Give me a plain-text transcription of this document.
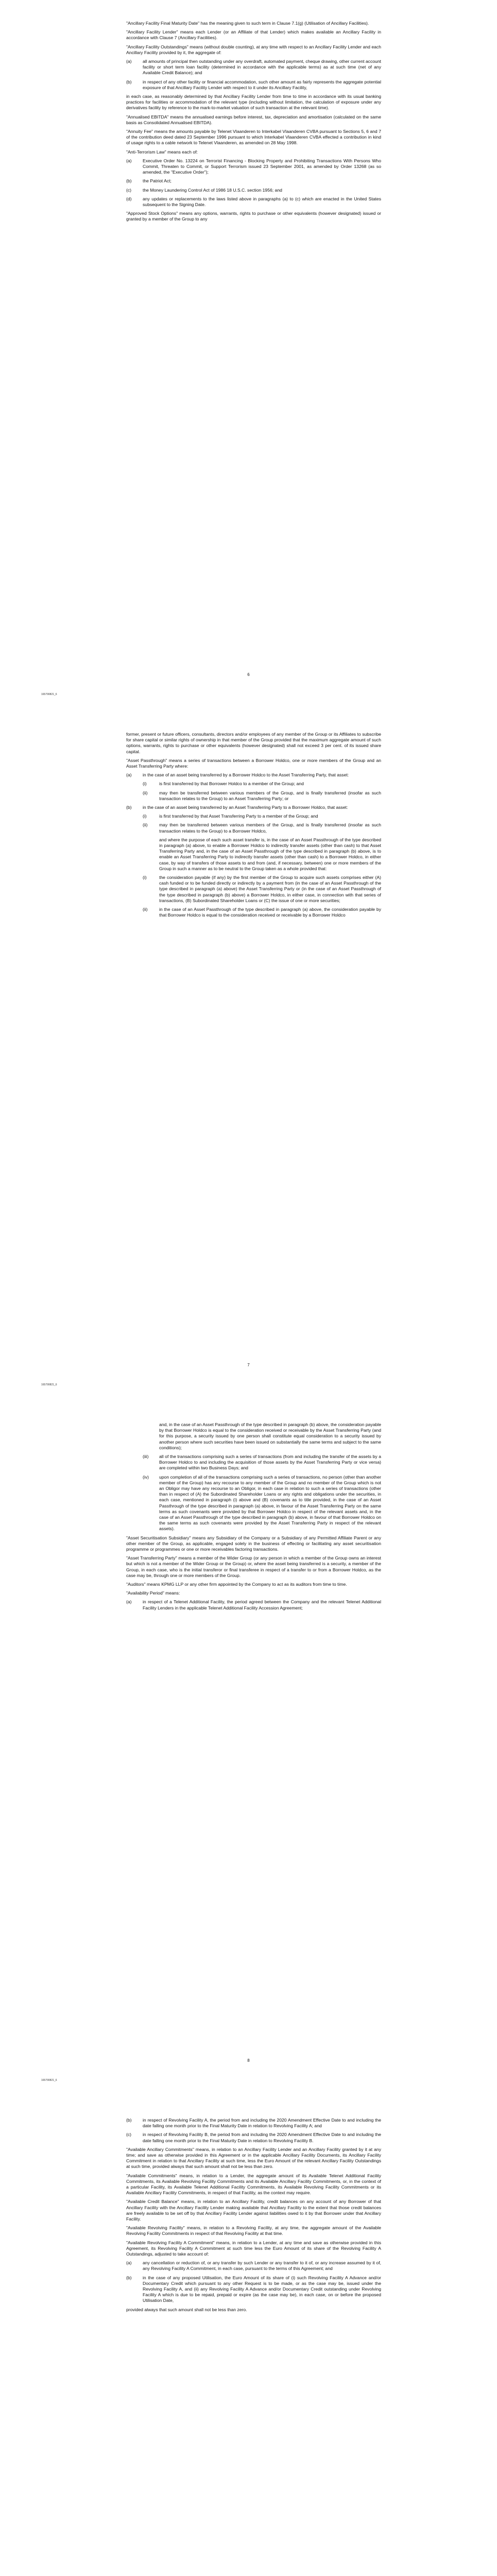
"Ancillary Facility Final Maturity Date" has the meaning given to such term in Clause 7.1(g) (Utilisation of Ancillary Facilities).

"Ancillary Facility Lender" means each Lender (or an Affiliate of that Lender) which makes available an Ancillary Facility in accordance with Clause 7 (Ancillary Facilities).

"Ancillary Facility Outstandings" means (without double counting), at any time with respect to an Ancillary Facility Lender and each Ancillary Facility provided by it, the aggregate of:

(a)	all amounts of principal then outstanding under any overdraft, automated payment, cheque drawing, other current account facility or short term loan facility (determined in accordance with the applicable terms) as at such time (net of any Available Credit Balance); and
(b)	in respect of any other facility or financial accommodation, such other amount as fairly represents the aggregate potential exposure of that Ancillary Facility Lender with respect to it under its Ancillary Facility,

in each case, as reasonably determined by that Ancillary Facility Lender from time to time in accordance with its usual banking practices for facilities or accommodation of the relevant type (including without limitation, the calculation of exposure under any derivatives facility by reference to the mark-to-market valuation of such transaction at the relevant time).

"Annualised EBITDA" means the annualised earnings before interest, tax, depreciation and amortisation (calculated on the same basis as Consolidated Annualised EBITDA).

"Annuity Fee" means the amounts payable by Telenet Vlaanderen to Interkabel Vlaanderen CVBA pursuant to Sections 5, 6 and 7 of the contribution deed dated 23 September 1996 pursuant to which Interkabel Vlaanderen CVBA effected a contribution in kind of usage rights to a cable network to Telenet Vlaanderen, as amended on 28 May 1998.

"Anti-Terrorism Law" means each of:

(a)	Executive Order No. 13224 on Terrorist Financing - Blocking Property and Prohibiting Transactions With Persons Who Commit, Threaten to Commit, or Support Terrorism issued 23 September 2001, as amended by Order 13268 (as so amended, the "Executive Order");
(b)	the Patriot Act;
(c)	the Money Laundering Control Act of 1986 18 U.S.C. section 1956; and
(d)	any updates or replacements to the laws listed above in paragraphs (a) to (c) which are enacted in the United States subsequent to the Signing Date.

"Approved Stock Options" means any options, warrants, rights to purchase or other equivalents (however designated) issued or granted by a member of the Group to any

6
165790821_6

former, present or future officers, consultants, directors and/or employees of any member of the Group or its Affiliates to subscribe for share capital or similar rights of ownership in that member of the Group provided that the maximum aggregate amount of such options, warrants, rights to purchase or other equivalents (however designated) shall not exceed 3 per cent. of its issued share capital.

"Asset Passthrough" means a series of transactions between a Borrower Holdco, one or more members of the Group and an Asset Transferring Party where:

(a)	in the case of an asset being transferred by a Borrower Holdco to the Asset Transferring Party, that asset:
(i)	is first transferred by that Borrower Holdco to a member of the Group; and
(ii)	may then be transferred between various members of the Group, and is finally transferred (insofar as such transaction relates to the Group) to an Asset Transferring Party; or
(b)	in the case of an asset being transferred by an Asset Transferring Party to a Borrower Holdco, that asset:
(i)	is first transferred by that Asset Transferring Party to a member of the Group; and
(ii)	may then be transferred between various members of the Group, and is finally transferred (insofar as such transaction relates to the Group) to a Borrower Holdco,

and where the purpose of each such asset transfer is, in the case of an Asset Passthrough of the type described in paragraph (a) above, to enable a Borrower Holdco to indirectly transfer assets (other than cash) to that Asset Transferring Party and, in the case of an Asset Passthrough of the type described in paragraph (b) above, is to enable an Asset Transferring Party to indirectly transfer assets (other than cash) to a Borrower Holdco, in either case, by way of transfers of those assets to and from (and, if necessary, between) one or more members of the Group in such a manner as to be neutral to the Group taken as a whole provided that:

(i)	the consideration payable (if any) by the first member of the Group to acquire such assets comprises either (A) cash funded or to be funded directly or indirectly by a payment from (in the case of an Asset Passthrough of the type described in paragraph (a) above) the Asset Transferring Party or (in the case of an Asset Passthrough of the type described in paragraph (b) above) a Borrower Holdco, in either case, in connection with that series of transactions, (B) Subordinated Shareholder Loans or (C) the issue of one or more securities;
(ii)	in the case of an Asset Passthrough of the type described in paragraph (a) above, the consideration payable by that Borrower Holdco is equal to the consideration received or receivable by a Borrower Holdco
7
165790821_6

and, in the case of an Asset Passthrough of the type described in paragraph (b) above, the consideration payable by that Borrower Holdco is equal to the consideration received or receivable by the Asset Transferring Party (and for this purpose, a security issued by one person shall constitute equal consideration to a security issued by another person where such securities have been issued on substantially the same terms and subject to the same conditions);

(iii)	all of the transactions comprising such a series of transactions (from and including the transfer of the assets by a Borrower Holdco to and including the acquisition of those assets by the Asset Transferring Party or vice versa) are completed within two Business Days; and
(iv)	upon completion of all of the transactions comprising such a series of transactions, no person (other than another member of the Group) has any recourse to any member of the Group and no member of the Group which is not an Obligor may have any recourse to an Obligor, in each case in relation to such a series of transactions (other than in respect of (A) the Subordinated Shareholder Loans or any rights and obligations under the securities, in each case, mentioned in paragraph (i) above and (B) covenants as to title provided, in the case of an Asset Passthrough of the type described in paragraph (a) above, in favour of the Asset Transferring Party on the same terms as such covenants were provided by that Borrower Holdco in respect of the relevant assets and, in the case of an Asset Passthrough of the type described in paragraph (b) above, in favour of that Borrower Holdco on the same terms as such covenants were provided by the Asset Transferring Party in respect of the relevant assets).

"Asset Securitisation Subsidiary" means any Subsidiary of the Company or a Subsidiary of any Permitted Affiliate Parent or any other member of the Group, as applicable, engaged solely in the business of effecting or facilitating any asset securitisation programme or programmes or one or more receivables factoring transactions.

"Asset Transferring Party" means a member of the Wider Group (or any person in which a member of the Group owns an interest but which is not a member of the Wider Group or the Group) or, where the asset being transferred is a security, a member of the Group, in each case, who is the initial transferor or final transferee in respect of a transfer to or from a Borrower Holdco, as the case may be, through one or more members of the Group.

"Auditors" means KPMG LLP or any other firm appointed by the Company to act as its auditors from time to time.

"Availability Period" means:

(a)	in respect of a Telenet Additional Facility, the period agreed between the Company and the relevant Telenet Additional Facility Lenders in the applicable Telenet Additional Facility Accession Agreement;
8
165790821_6
(b)	in respect of Revolving Facility A, the period from and including the 2020 Amendment Effective Date to and including the date falling one month prior to the Final Maturity Date in relation to Revolving Facility A; and
(c)	in respect of Revolving Facility B, the period from and including the 2020 Amendment Effective Date to and including the date falling one month prior to the Final Maturity Date in relation to Revolving Facility B.

"Available Ancillary Commitments" means, in relation to an Ancillary Facility Lender and an Ancillary Facility granted by it at any time; and save as otherwise provided in this Agreement or in the applicable Ancillary Facility Documents, its Ancillary Facility Commitment in relation to that Ancillary Facility at such time, less the Euro Amount of the relevant Ancillary Facility Outstandings at such time, provided always that such amount shall not be less than zero.

"Available Commitments" means, in relation to a Lender, the aggregate amount of its Available Telenet Additional Facility Commitments, its Available Revolving Facility Commitments and its Available Ancillary Facility Commitments, or, in the context of a particular Facility, its Available Telenet Additional Facility Commitments, its Available Revolving Facility Commitments or its Available Ancillary Facility Commitments, in respect of that Facility, as the context may require.

"Available Credit Balance" means, in relation to an Ancillary Facility, credit balances on any account of any Borrower of that Ancillary Facility with the Ancillary Facility Lender making available that Ancillary Facility to the extent that those credit balances are freely available to be set off by that Ancillary Facility Lender against liabilities owed to it by that Borrower under that Ancillary Facility.

"Available Revolving Facility" means, in relation to a Revolving Facility, at any time, the aggregate amount of the Available Revolving Facility Commitments in respect of that Revolving Facility at that time.

"Available Revolving Facility A Commitment" means, in relation to a Lender, at any time and save as otherwise provided in this Agreement, its Revolving Facility A Commitment at such time less the Euro Amount of its share of the Revolving Facility A Outstandings, adjusted to take account of:

(a)	any cancellation or reduction of, or any transfer by such Lender or any transfer to it of, or any increase assumed by it of, any Revolving Facility A Commitment, in each case, pursuant to the terms of this Agreement; and
(b)	in the case of any proposed Utilisation, the Euro Amount of its share of (i) such Revolving Facility A Advance and/or Documentary Credit which pursuant to any other Request is to be made, or as the case may be, issued under the Revolving Facility A, and (ii) any Revolving Facility A Advance and/or Documentary Credit outstanding under Revolving Facility A which is due to be repaid, prepaid or expire (as the case may be), in each case, on or before the proposed Utilisation Date,

provided always that such amount shall not be less than zero.
